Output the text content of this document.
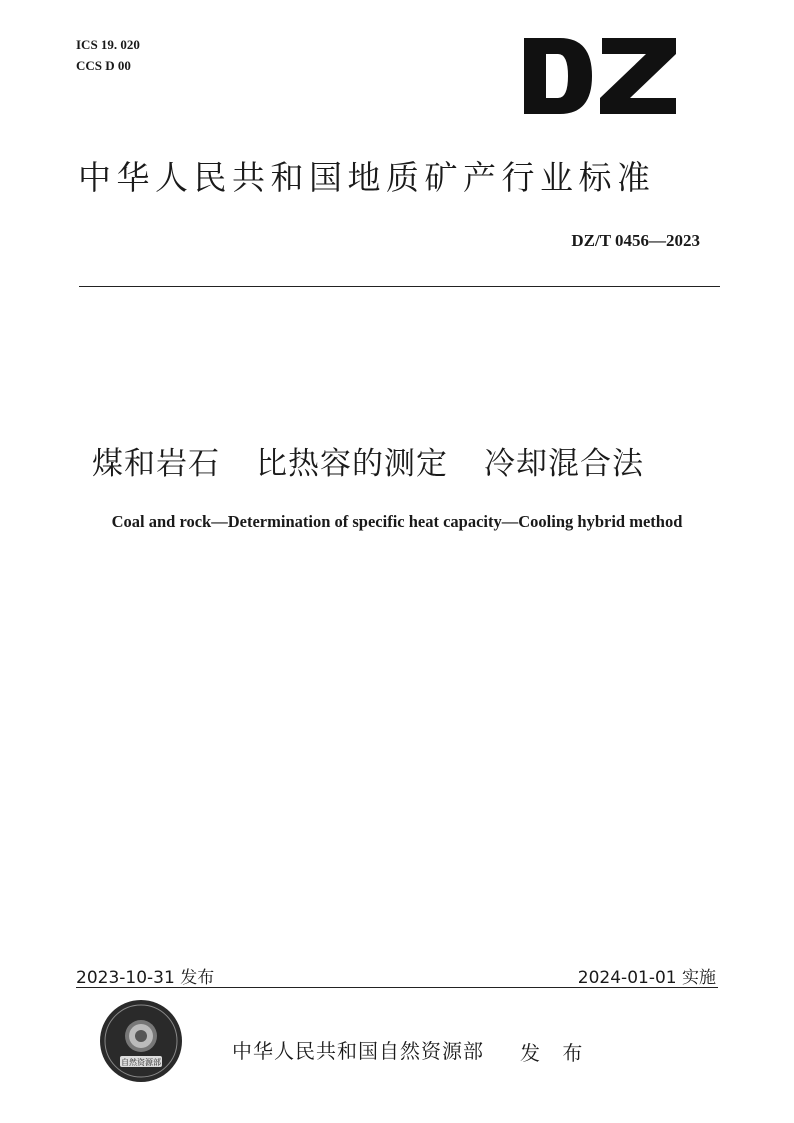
ICS 19. 020
CCS D 00
中华人民共和国地质矿产行业标准
DZ/T 0456—2023
煤和岩石 比热容的测定 冷却混合法
Coal and rock—Determination of specific heat capacity—Cooling hybrid method
2023-10-31 发布	2024-01-01 实施
自然资源部	中华人民共和国自然资源部 发 布
